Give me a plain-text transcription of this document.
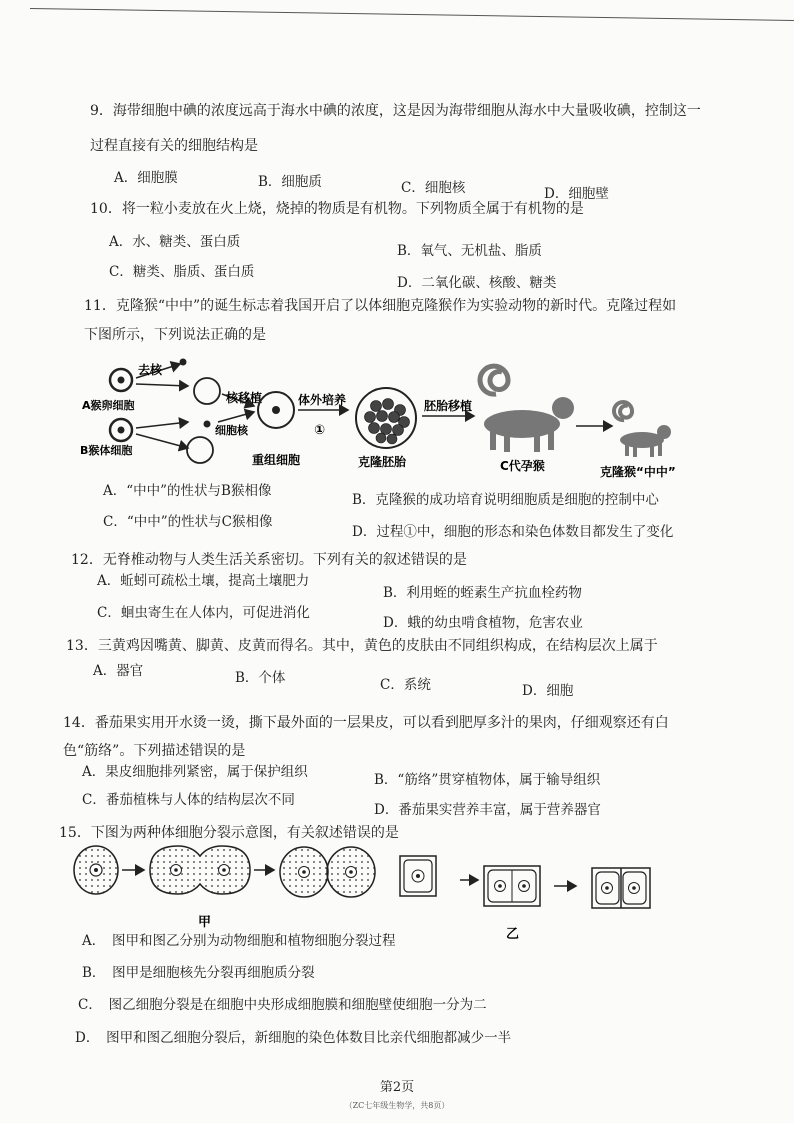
9．海带细胞中碘的浓度远高于海水中碘的浓度，这是因为海带细胞从海水中大量吸收碘，控制这一
过程直接有关的细胞结构是
A．细胞膜	B．细胞质	C．细胞核	D．细胞壁
10．将一粒小麦放在火上烧，烧掉的物质是有机物。下列物质全属于有机物的是
A．水、糖类、蛋白质
B．氧气、无机盐、脂质
C．糖类、脂质、蛋白质
D．二氧化碳、核酸、糖类
11．克隆猴“中中”的诞生标志着我国开启了以体细胞克隆猴作为实验动物的新时代。克隆过程如
下图所示，下列说法正确的是
A猴卵细胞
B猴体细胞
去核
细胞核
核移植
重组细胞
体外培养
①
克隆胚胎
胚胎移植
C代孕猴	克隆猴“中中”
A．“中中”的性状与B猴相像
B．克隆猴的成功培育说明细胞质是细胞的控制中心
C．“中中”的性状与C猴相像
D．过程①中，细胞的形态和染色体数目都发生了变化
12．无脊椎动物与人类生活关系密切。下列有关的叙述错误的是
A．蚯蚓可疏松土壤，提高土壤肥力
B．利用蛭的蛭素生产抗血栓药物
C．蛔虫寄生在人体内，可促进消化
D．蛾的幼虫啃食植物，危害农业
13．三黄鸡因嘴黄、脚黄、皮黄而得名。其中，黄色的皮肤由不同组织构成，在结构层次上属于
A．器官	B．个体	C．系统	D．细胞
14．番茄果实用开水烫一烫，撕下最外面的一层果皮，可以看到肥厚多汁的果肉，仔细观察还有白
色“筋络”。下列描述错误的是
A．果皮细胞排列紧密，属于保护组织	B．“筋络”贯穿植物体，属于输导组织
C．番茄植株与人体的结构层次不同
D．番茄果实营养丰富，属于营养器官
15．下图为两种体细胞分裂示意图，有关叙述错误的是
甲
乙
A．　图甲和图乙分别为动物细胞和植物细胞分裂过程
B．　图甲是细胞核先分裂再细胞质分裂
C．　图乙细胞分裂是在细胞中央形成细胞膜和细胞壁使细胞一分为二
D．　图甲和图乙细胞分裂后，新细胞的染色体数目比亲代细胞都减少一半
第2页
（ZC七年级生物学，共8页）
